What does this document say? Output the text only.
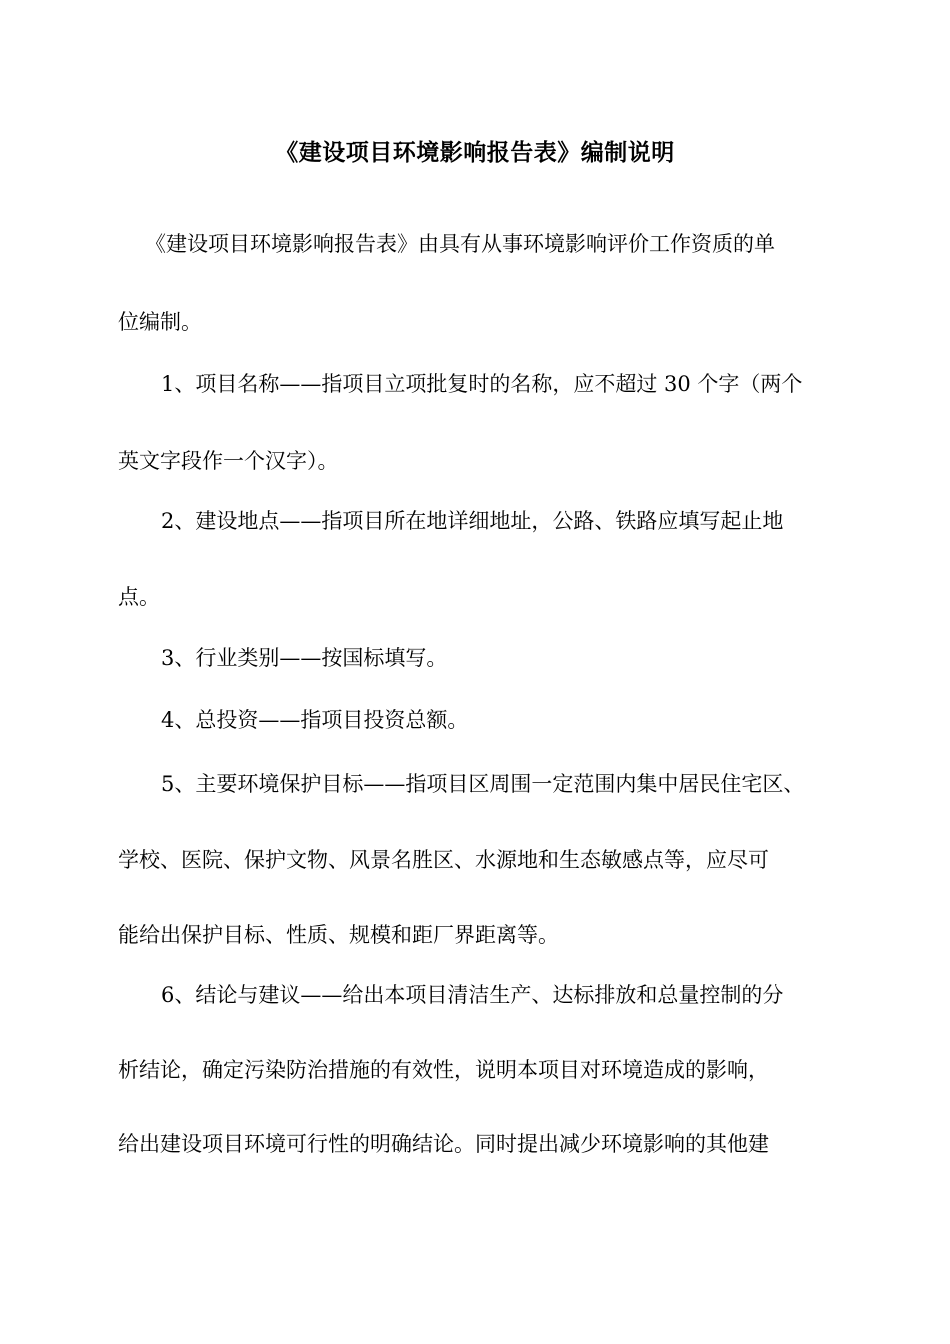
《建设项目环境影响报告表》编制说明

《建设项目环境影响报告表》由具有从事环境影响评价工作资质的单

位编制。

1、项目名称——指项目立项批复时的名称，应不超过 30 个字（两个

英文字段作一个汉字）。

2、建设地点——指项目所在地详细地址，公路、铁路应填写起止地

点。

3、行业类别——按国标填写。

4、总投资——指项目投资总额。

5、主要环境保护目标——指项目区周围一定范围内集中居民住宅区、

学校、医院、保护文物、风景名胜区、水源地和生态敏感点等，应尽可

能给出保护目标、性质、规模和距厂界距离等。

6、结论与建议——给出本项目清洁生产、达标排放和总量控制的分

析结论，确定污染防治措施的有效性，说明本项目对环境造成的影响，

给出建设项目环境可行性的明确结论。同时提出减少环境影响的其他建
